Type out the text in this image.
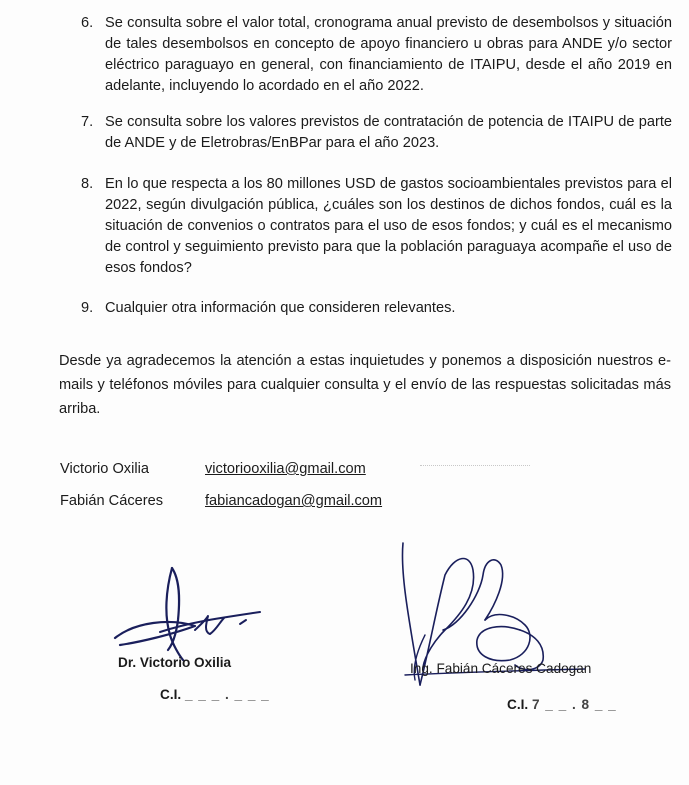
6. Se consulta sobre el valor total, cronograma anual previsto de desembolsos y situación de tales desembolsos en concepto de apoyo financiero u obras para ANDE y/o sector eléctrico paraguayo en general, con financiamiento de ITAIPU, desde el año 2019 en adelante, incluyendo lo acordado en el año 2022.
7. Se consulta sobre los valores previstos de contratación de potencia de ITAIPU de parte de ANDE y de Eletrobras/EnBPar para el año 2023.
8. En lo que respecta a los 80 millones USD de gastos socioambientales previstos para el 2022, según divulgación pública, ¿cuáles son los destinos de dichos fondos, cuál es la situación de convenios o contratos para el uso de esos fondos; y cuál es el mecanismo de control y seguimiento previsto para que la población paraguaya acompañe el uso de esos fondos?
9. Cualquier otra información que consideren relevantes.
Desde ya agradecemos la atención a estas inquietudes y ponemos a disposición nuestros e-mails y teléfonos móviles para cualquier consulta y el envío de las respuestas solicitadas más arriba.
Victorio Oxilia	victoriooxilia@gmail.com
Fabián Cáceres	fabiancadogan@gmail.com
Dr. Victorio Oxilia
C.I. _ _ _ . _ _ _
Ing. Fabián Cáceres Cadogan
C.I. 7 _ _ . 8 _ _
